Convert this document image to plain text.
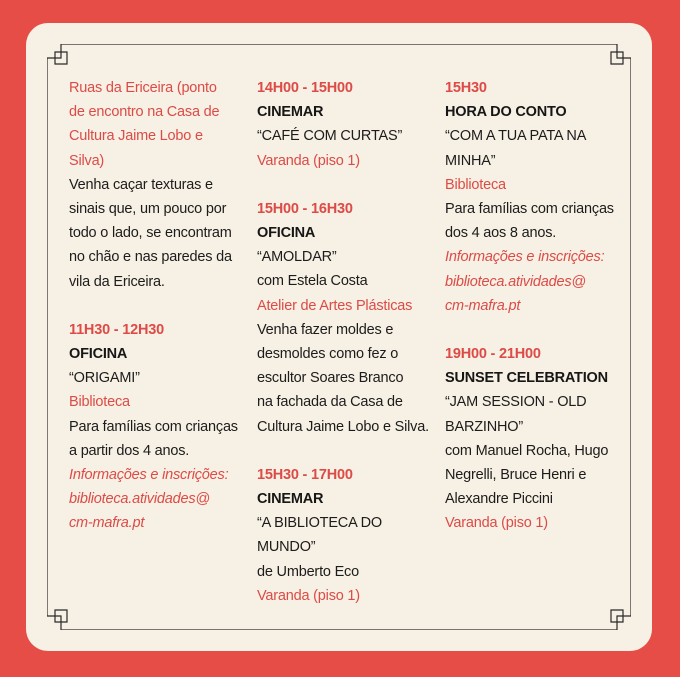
Ruas da Ericeira (ponto
de encontro na Casa de
Cultura Jaime Lobo e
Silva)
Venha caçar texturas e
sinais que, um pouco por
todo o lado, se encontram
no chão e nas paredes da
vila da Ericeira.
11H30 - 12H30
OFICINA
“ORIGAMI”
Biblioteca
Para famílias com crianças
a partir dos 4 anos.
Informações e inscrições:
biblioteca.atividades@
cm-mafra.pt
14H00 - 15H00
CINEMAR
“CAFÉ COM CURTAS”
Varanda (piso 1)
15H00 - 16H30
OFICINA
“AMOLDAR”
com Estela Costa
Atelier de Artes Plásticas
Venha fazer moldes e
desmoldes como fez o
escultor Soares Branco
na fachada da Casa de
Cultura Jaime Lobo e Silva.
15H30 - 17H00
CINEMAR
“A BIBLIOTECA DO
MUNDO”
de Umberto Eco
Varanda (piso 1)
15H30
HORA DO CONTO
“COM A TUA PATA NA
MINHA”
Biblioteca
Para famílias com crianças
dos 4 aos 8 anos.
Informações e inscrições:
biblioteca.atividades@
cm-mafra.pt
19H00 - 21H00
SUNSET CELEBRATION
“JAM SESSION - OLD
BARZINHO”
com Manuel Rocha, Hugo
Negrelli, Bruce Henri e
Alexandre Piccini
Varanda (piso 1)
